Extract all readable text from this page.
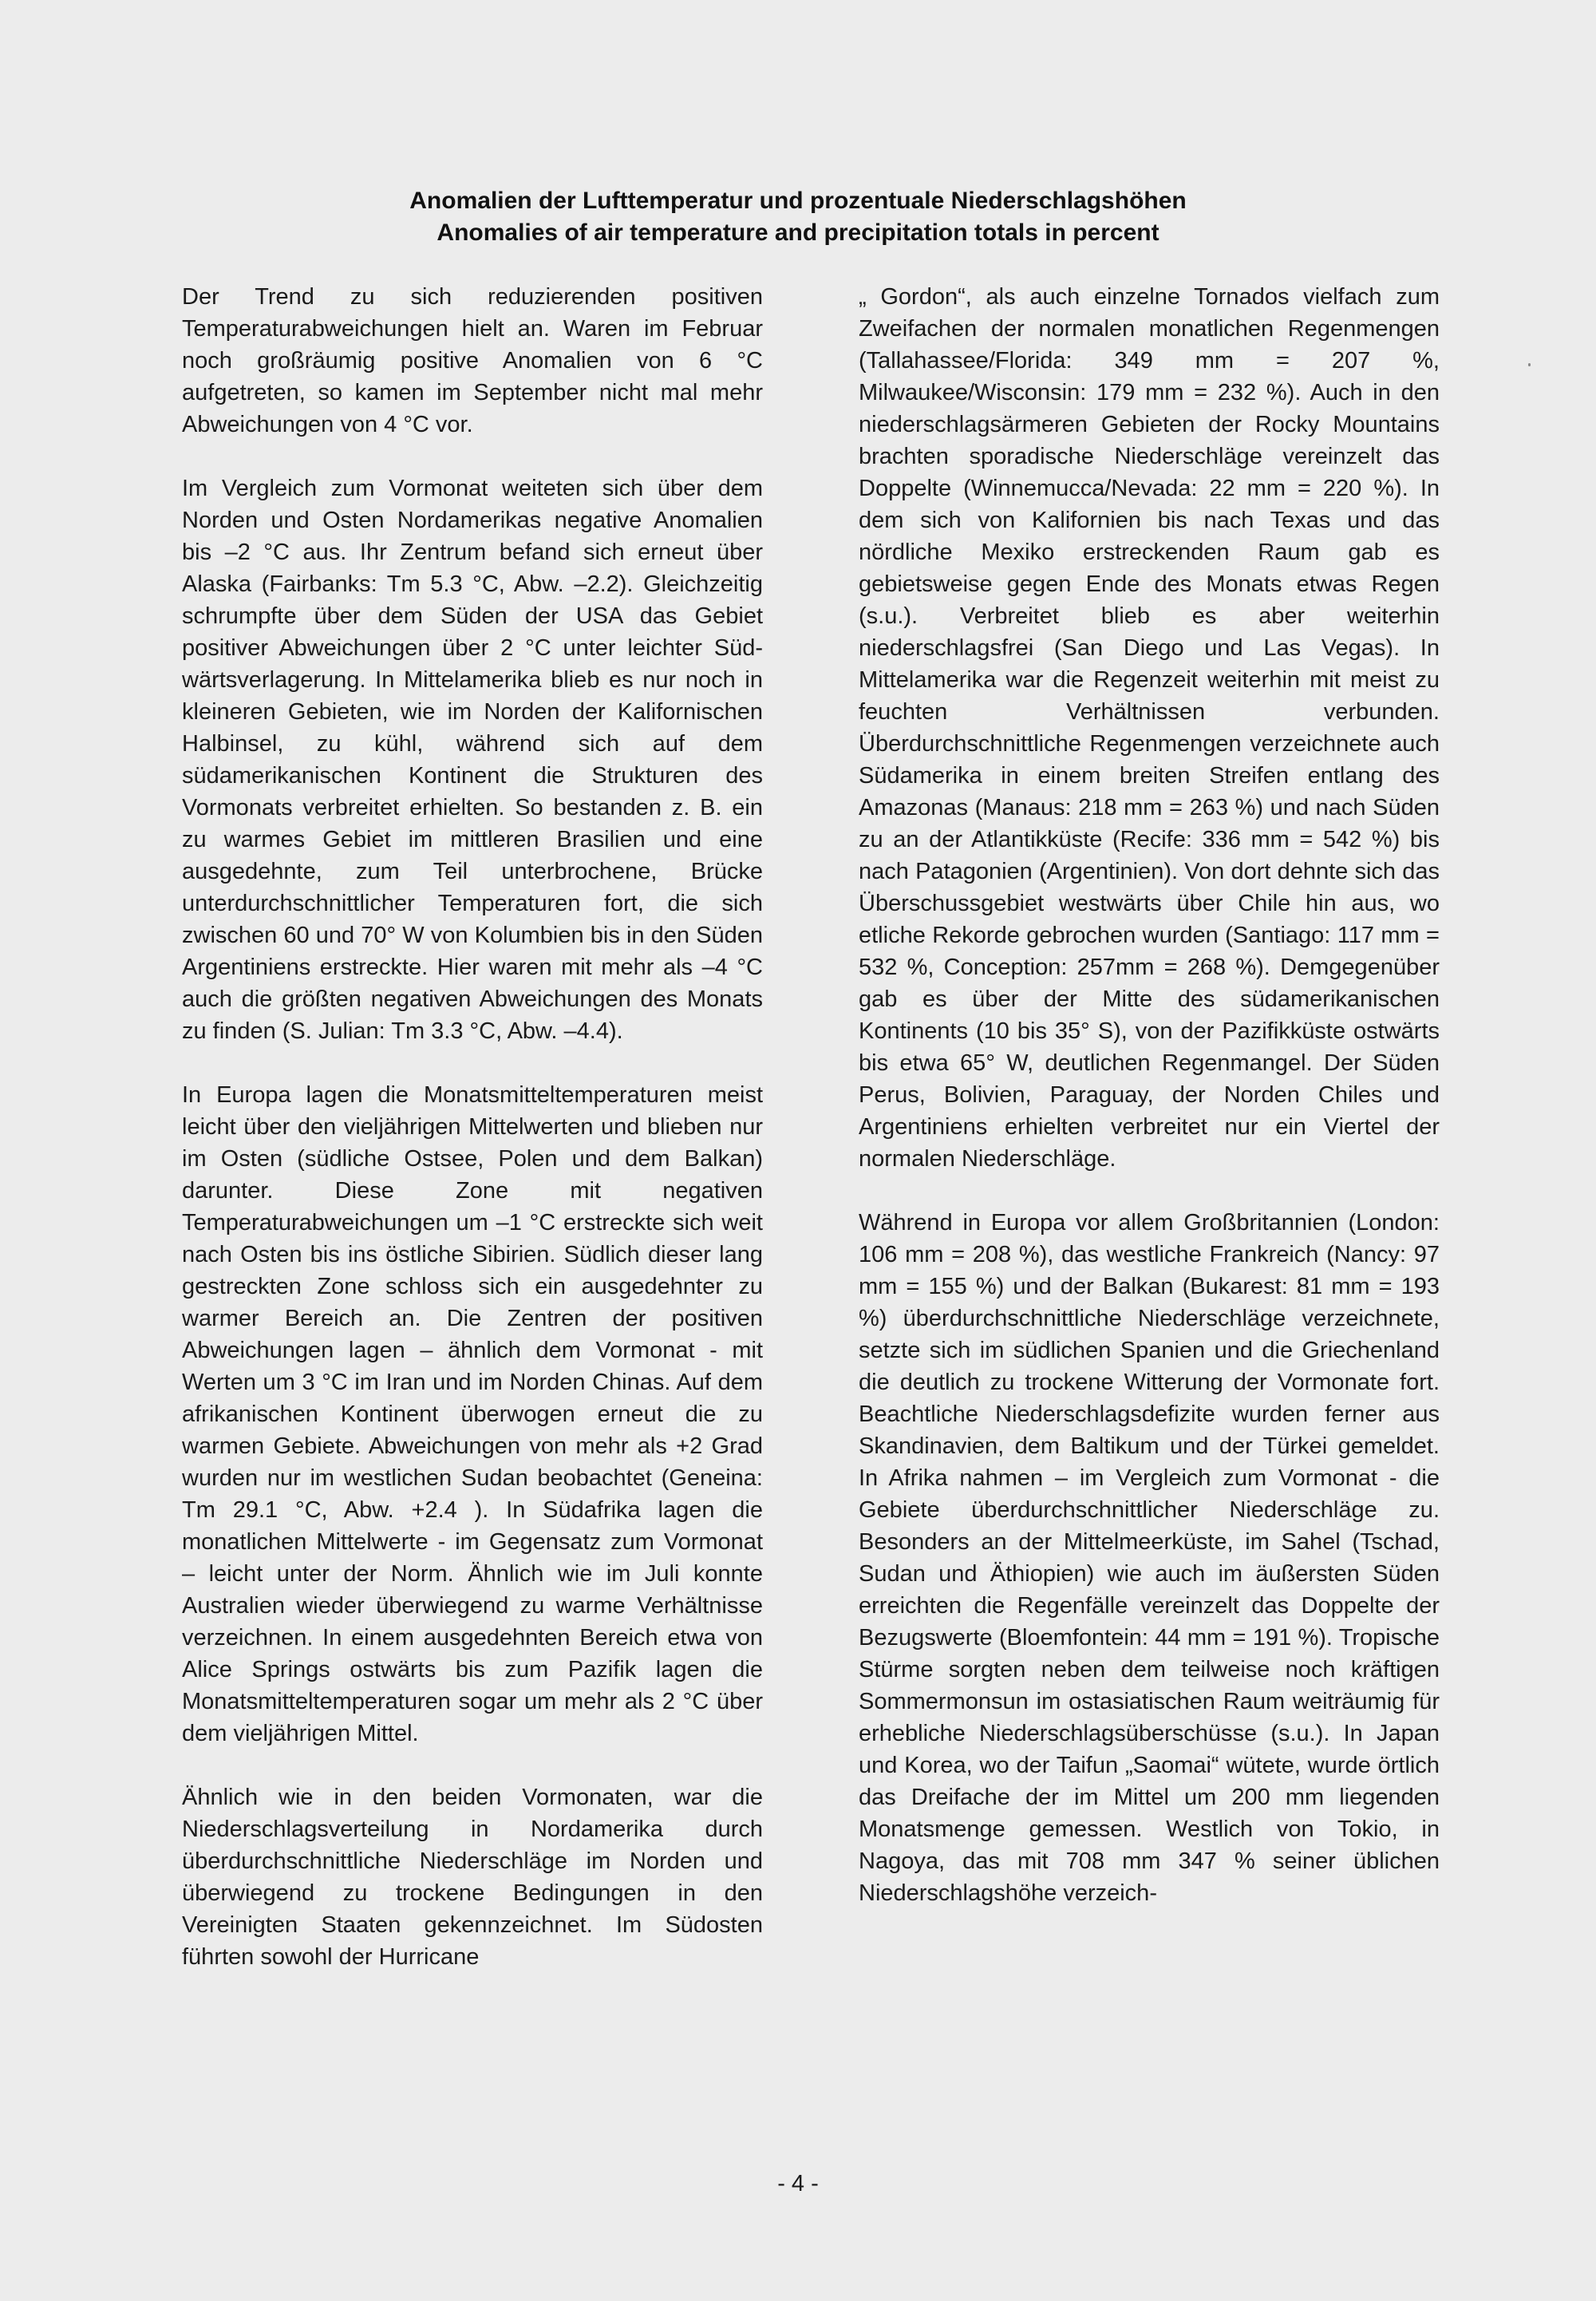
Anomalien der Lufttemperatur und prozentuale Niederschlagshöhen
Anomalies of air temperature and precipitation totals in percent

Der Trend zu sich reduzierenden positiven Temperaturabweichungen hielt an. Waren im Februar noch großräumig positive Anomalien von 6 °C aufgetreten, so kamen im September nicht mal mehr Abweichungen von 4 °C vor.

Im Vergleich zum Vormonat weiteten sich über dem Norden und Osten Nordamerikas negative Anomalien bis –2 °C aus. Ihr Zentrum befand sich erneut über Alaska (Fairbanks: Tm 5.3 °C, Abw. –2.2). Gleichzeitig schrumpfte über dem Süden der USA das Gebiet positiver Abweichungen über 2 °C unter leichter Südwärtsverlagerung. In Mittelamerika blieb es nur noch in kleineren Gebieten, wie im Norden der Kalifornischen Halbinsel, zu kühl, während sich auf dem südamerikanischen Kontinent die Strukturen des Vormonats verbreitet erhielten. So bestanden z. B. ein zu warmes Gebiet im mittleren Brasilien und eine ausgedehnte, zum Teil unterbrochene, Brücke unterdurchschnittlicher Temperaturen fort, die sich zwischen 60 und 70° W von Kolumbien bis in den Süden Argentiniens erstreckte. Hier waren mit mehr als –4 °C auch die größten negativen Abweichungen des Monats zu finden (S. Julian: Tm 3.3 °C, Abw. –4.4).

In Europa lagen die Monatsmitteltemperaturen meist leicht über den vieljährigen Mittelwerten und blieben nur im Osten (südliche Ostsee, Polen und dem Balkan) darunter. Diese Zone mit negativen Temperaturabweichungen um –1 °C erstreckte sich weit nach Osten bis ins östliche Sibirien. Südlich dieser lang gestreckten Zone schloss sich ein ausgedehnter zu warmer Bereich an. Die Zentren der positiven Abweichungen lagen – ähnlich dem Vormonat - mit Werten um 3 °C im Iran und im Norden Chinas. Auf dem afrikanischen Kontinent überwogen erneut die zu warmen Gebiete. Abweichungen von mehr als +2 Grad wurden nur im westlichen Sudan beobachtet (Geneina: Tm 29.1 °C, Abw. +2.4 ). In Südafrika lagen die monatlichen Mittelwerte - im Gegensatz zum Vormonat – leicht unter der Norm. Ähnlich wie im Juli konnte Australien wieder überwiegend zu warme Verhältnisse verzeichnen. In einem ausgedehnten Bereich etwa von Alice Springs ostwärts bis zum Pazifik lagen die Monatsmitteltemperaturen sogar um mehr als 2 °C über dem vieljährigen Mittel.

Ähnlich wie in den beiden Vormonaten, war die Niederschlagsverteilung in Nordamerika durch überdurchschnittliche Niederschläge im Norden und überwiegend zu trockene Bedingungen in den Vereinigten Staaten gekennzeichnet. Im Südosten führten sowohl der Hurricane

„ Gordon“, als auch einzelne Tornados vielfach zum Zweifachen der normalen monatlichen Regenmengen (Tallahassee/Florida: 349 mm = 207 %, Milwaukee/Wisconsin: 179 mm = 232 %). Auch in den niederschlagsärmeren Gebieten der Rocky Mountains brachten sporadische Niederschläge vereinzelt das Doppelte (Winnemucca/Nevada: 22 mm = 220 %). In dem sich von Kalifornien bis nach Texas und das nördliche Mexiko erstreckenden Raum gab es gebietsweise gegen Ende des Monats etwas Regen (s.u.). Verbreitet blieb es aber weiterhin niederschlagsfrei (San Diego und Las Vegas). In Mittelamerika war die Regenzeit weiterhin mit meist zu feuchten Verhältnissen verbunden. Überdurchschnittliche Regenmengen verzeichnete auch Südamerika in einem breiten Streifen entlang des Amazonas (Manaus: 218 mm = 263 %) und nach Süden zu an der Atlantikküste (Recife: 336 mm = 542 %) bis nach Patagonien (Argentinien). Von dort dehnte sich das Überschussgebiet westwärts über Chile hin aus, wo etliche Rekorde gebrochen wurden (Santiago: 117 mm = 532 %, Conception: 257mm = 268 %). Demgegenüber gab es über der Mitte des südamerikanischen Kontinents (10 bis 35° S), von der Pazifikküste ostwärts bis etwa 65° W, deutlichen Regenmangel. Der Süden Perus, Bolivien, Paraguay, der Norden Chiles und Argentiniens erhielten verbreitet nur ein Viertel der normalen Niederschläge.

Während in Europa vor allem Großbritannien (London: 106 mm = 208 %), das westliche Frankreich (Nancy: 97 mm = 155 %) und der Balkan (Bukarest: 81 mm = 193 %) überdurchschnittliche Niederschläge verzeichnete, setzte sich im südlichen Spanien und die Griechenland die deutlich zu trockene Witterung der Vormonate fort. Beachtliche Niederschlagsdefizite wurden ferner aus Skandinavien, dem Baltikum und der Türkei gemeldet. In Afrika nahmen – im Vergleich zum Vormonat - die Gebiete überdurchschnittlicher Niederschläge zu. Besonders an der Mittelmeerküste, im Sahel (Tschad, Sudan und Äthiopien) wie auch im äußersten Süden erreichten die Regenfälle vereinzelt das Doppelte der Bezugswerte (Bloemfontein: 44 mm = 191 %). Tropische Stürme sorgten neben dem teilweise noch kräftigen Sommermonsun im ostasiatischen Raum weiträumig für erhebliche Niederschlagsüberschüsse (s.u.). In Japan und Korea, wo der Taifun „Saomai“ wütete, wurde örtlich das Dreifache der im Mittel um 200 mm liegenden Monatsmenge gemessen. Westlich von Tokio, in Nagoya, das mit 708 mm 347 % seiner üblichen Niederschlagshöhe verzeich-

- 4 -
